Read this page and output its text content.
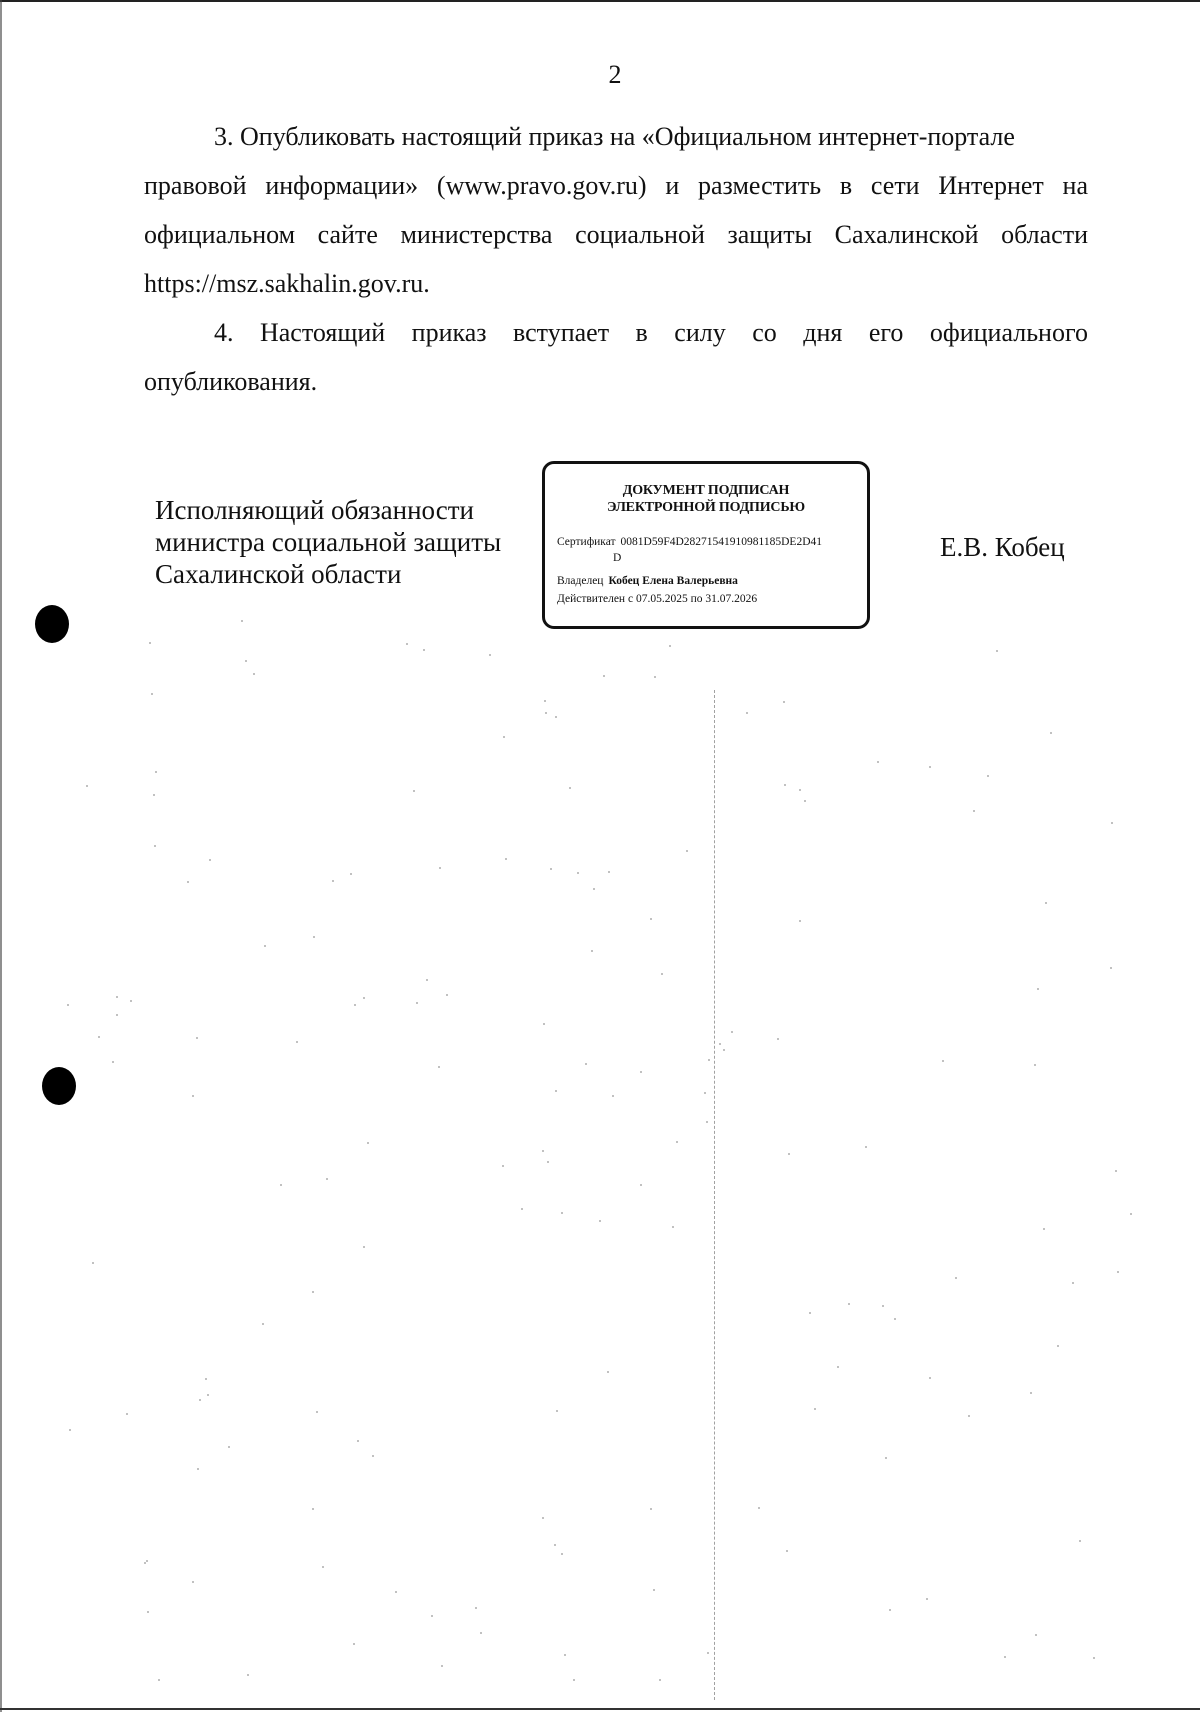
2
3. Опубликовать настоящий приказ на «Официальном интернет-портале
правовой информации» (www.pravo.gov.ru) и разместить в сети Интернет на
официальном сайте министерства социальной защиты Сахалинской области
https://msz.sakhalin.gov.ru.
4. Настоящий приказ вступает в силу со дня его официального
опубликования.
Исполняющий обязанности
министра социальной защиты
Сахалинской области
ДОКУМЕНТ ПОДПИСАН
ЭЛЕКТРОННОЙ ПОДПИСЬЮ
Сертификат 0081D59F4D28271541910981185DE2D41
D
Владелец Кобец Елена Валерьевна
Действителен с 07.05.2025 по 31.07.2026
Е.В. Кобец
